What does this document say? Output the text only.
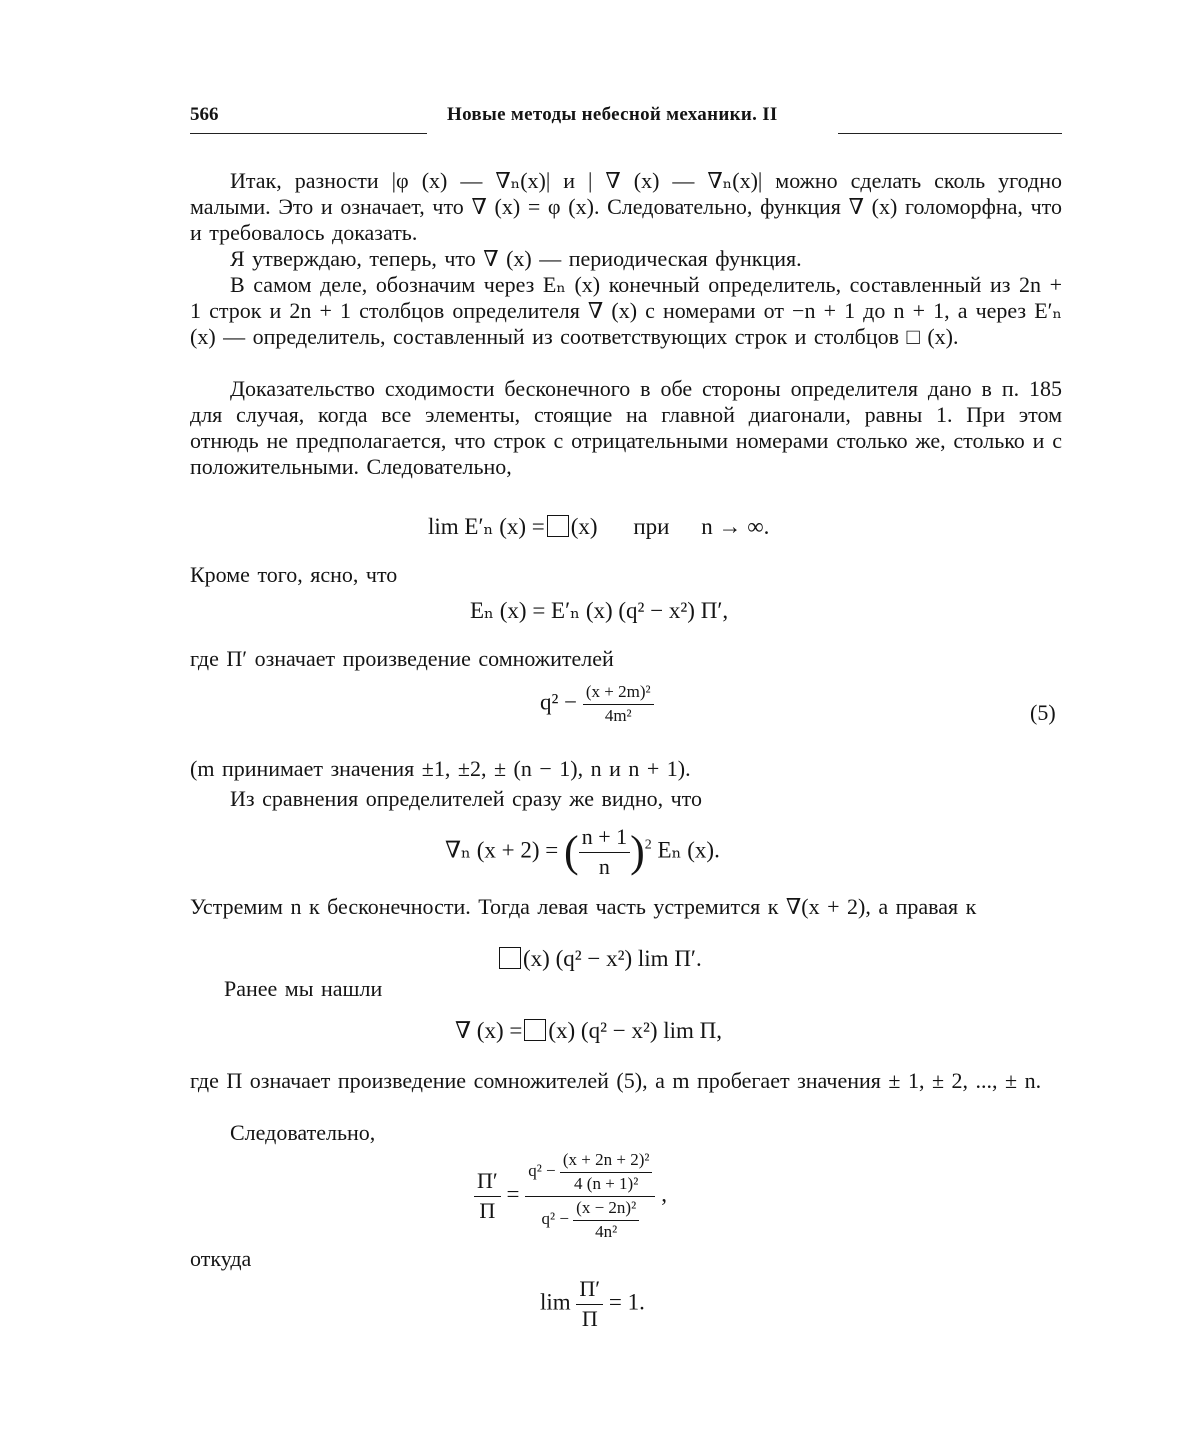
566	Новые методы небесной механики. II
Итак, разности |φ (x) — ∇ₙ(x)| и | ∇ (x) — ∇ₙ(x)| можно сделать сколь угодно малыми. Это и означает, что ∇ (x) = φ (x). Следовательно, функция ∇ (x) голоморфна, что и требовалось доказать.
Я утверждаю, теперь, что ∇ (x) — периодическая функция.
В самом деле, обозначим через Eₙ (x) конечный определитель, составленный из 2n + 1 строк и 2n + 1 столбцов определителя ∇ (x) с номерами от −n + 1 до n + 1, а через E′ₙ (x) — определитель, составленный из соответствующих строк и столбцов □ (x).
Доказательство сходимости бесконечного в обе стороны определителя дано в п. 185 для случая, когда все элементы, стоящие на главной диагонали, равны 1. При этом отнюдь не предполагается, что строк с отрицательными номерами столько же, столько и с положительными. Следовательно,
lim E′ₙ (x) = (x) при n → ∞.
Кроме того, ясно, что
Eₙ (x) = E′ₙ (x) (q² − x²) Π′,
где Π′ означает произведение сомножителей
$q^2 - \frac{\text{(x + 2m)²}}{\text{4m²}}$	(5)
(m принимает значения ±1, ±2, ± (n − 1), n и n + 1).
Из сравнения определителей сразу же видно, что
∇ₙ (x + 2) = ( $\frac{n + 1}{n} )^2$ Eₙ (x).
Устремим n к бесконечности. Тогда левая часть устремится к ∇(x + 2), а правая к
(x) (q² − x²) lim Π′.
Ранее мы нашли
∇ (x) = (x) (q² − x²) lim Π,
где Π означает произведение сомножителей (5), а m пробегает значения ± 1, ± 2, ..., ± n.
Следовательно,
$\frac{\Pi'}{\Pi} = \frac{q^2 - \frac{\text{(x + 2n + 2)²}}{\text{4 (n + 1)²}}}{q^2 - \frac{\text{(x − 2n)²}}{\text{4n²}}}$ ,
откуда
$\lim \frac{\Pi'}{\Pi} = 1$.
